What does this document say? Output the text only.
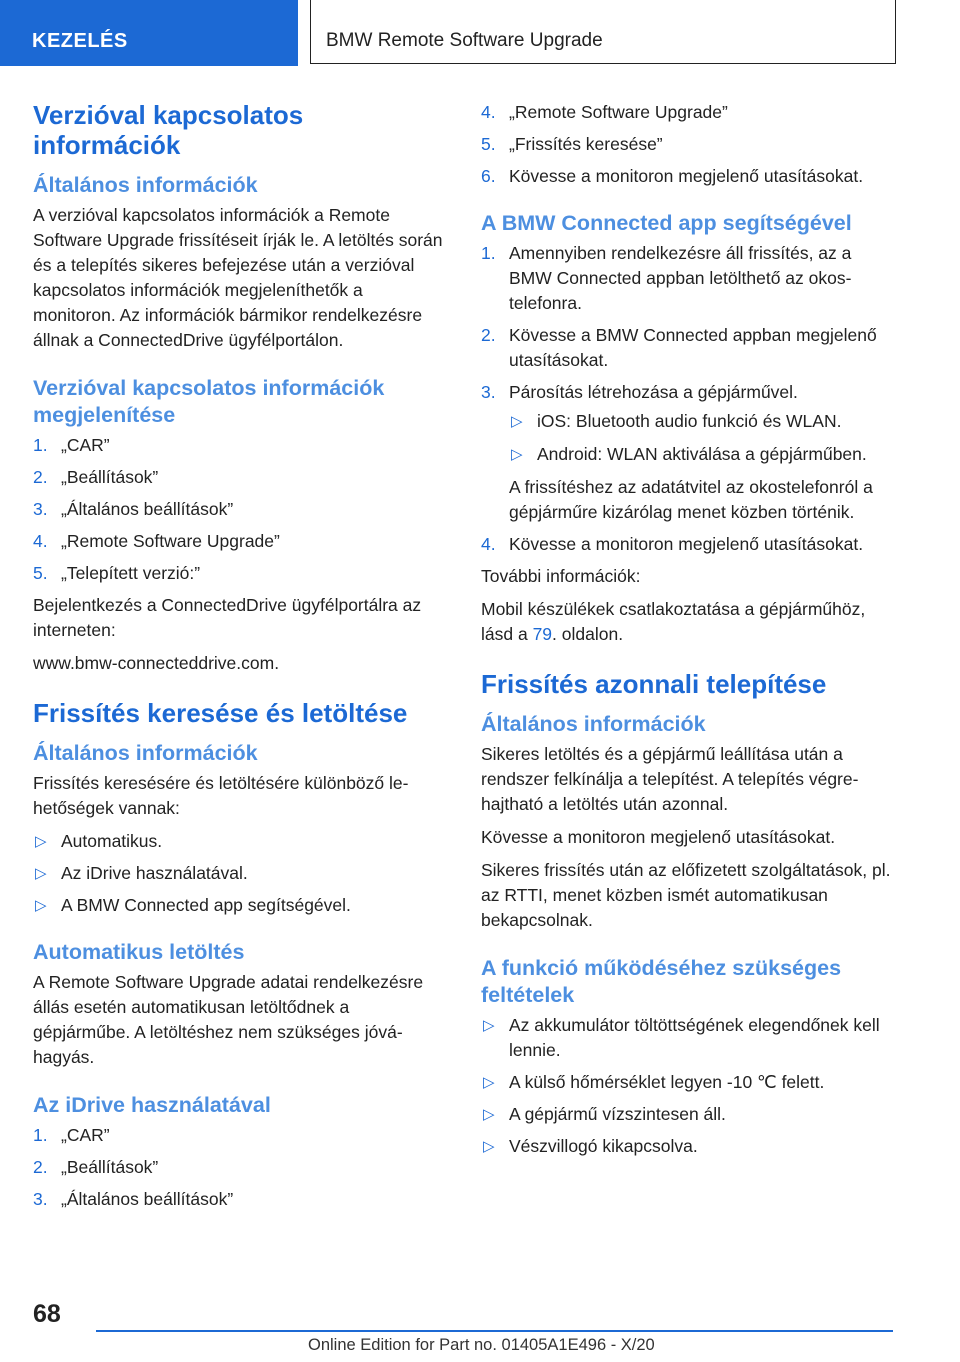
KEZELÉS	BMW Remote Software Upgrade
Verzióval kapcsolatos információk
Általános információk

A verzióval kapcsolatos információk a Remote Software Upgrade frissítéseit írják le. A letöltés során és a telepítés sikeres befejezése után a verzióval kapcsolatos információk megjeleníthetők a monitoron. Az információk bármikor rendelkezésre állnak a ConnectedDrive ügyfélportálon.

Verzióval kapcsolatos információk megjelenítése
1. „CAR”
2. „Beállítások”
3. „Általános beállítások”
4. „Remote Software Upgrade”
5. „Telepített verzió:”

Bejelentkezés a ConnectedDrive ügyfélportálra az interneten:

www.bmw-connecteddrive.com.

Frissítés keresése és letöltése
Általános információk

Frissítés keresésére és letöltésére különböző lehetőségek vannak:

▷ Automatikus.
▷ Az iDrive használatával.
▷ A BMW Connected app segítségével.
Automatikus letöltés

A Remote Software Upgrade adatai rendelkezésre állás esetén automatikusan letöltődnek a gépjárműbe. A letöltéshez nem szükséges jóváhagyás.

Az iDrive használatával
1. „CAR”
2. „Beállítások”
3. „Általános beállítások”
4. „Remote Software Upgrade”
5. „Frissítés keresése”
6. Kövesse a monitoron megjelenő utasításokat.
A BMW Connected app segítségével
1. Amennyiben rendelkezésre áll frissítés, az a BMW Connected appban letölthető az okostelefonra.
2. Kövesse a BMW Connected appban megjelenő utasításokat.
3. Párosítás létrehozása a gépjárművel.
▷ iOS: Bluetooth audio funkció és WLAN.
▷ Android: WLAN aktiválása a gépjárműben.
A frissítéshez az adatátvitel az okostelefonról a gépjárműre kizárólag menet közben történik.
4. Kövesse a monitoron megjelenő utasításokat.

További információk:

Mobil készülékek csatlakoztatása a gépjárműhöz, lásd a 79. oldalon.

Frissítés azonnali telepítése
Általános információk

Sikeres letöltés és a gépjármű leállítása után a rendszer felkínálja a telepítést. A telepítés végrehajtható a letöltés után azonnal.

Kövesse a monitoron megjelenő utasításokat.

Sikeres frissítés után az előfizetett szolgáltatások, pl. az RTTI, menet közben ismét automatikusan bekapcsolnak.

A funkció működéséhez szükséges feltételek
▷ Az akkumulátor töltöttségének elegendőnek kell lennie.
▷ A külső hőmérséklet legyen -10 ℃ felett.
▷ A gépjármű vízszintesen áll.
▷ Vészvillogó kikapcsolva.
68
Online Edition for Part no. 01405A1E496 - X/20
